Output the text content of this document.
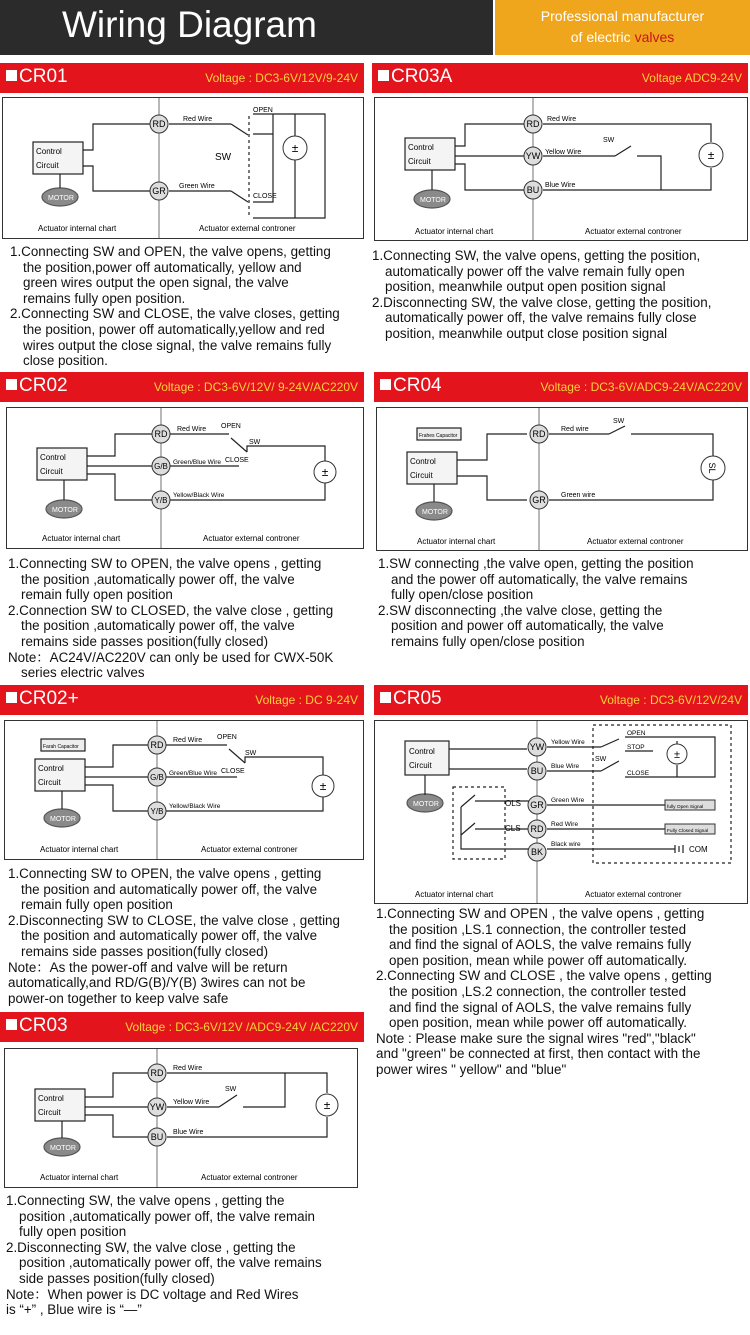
Wiring Diagram	Professional manufacturer
of electric valves
CR01	Voltage : DC3-6V/12V/9-24V
RD
GR
±
Control
Circuit
MOTOR
Red Wire
Green Wire
SW
OPEN
CLOSE
Actuator internal chart	Actuator external controner

1.Connecting SW and OPEN, the valve opens, getting

the position,power off automatically, yellow and

green wires output the open signal, the valve

remains fully open position.

2.Connecting SW and CLOSE, the valve closes, getting

the position, power off automatically,yellow and red

wires output the close signal, the valve remains fully

close position.

CR03A	Voltage ADC9-24V
RD
YW
BU
±
Control
Circuit
MOTOR
Red Wire
Yellow Wire
Blue Wire
SW
Actuator internal chart	Actuator external controner

1.Connecting SW, the valve opens, getting the position,

automatically power off the valve remain fully open

position, meanwhile output open position signal

2.Disconnecting SW, the valve close, getting the position,

automatically power off, the valve remains fully close

position, meanwhile output close position signal

CR02	Voltage : DC3-6V/12V/ 9-24V/AC220V
RD
G/B
Y/B
±
Control
Circuit
MOTOR
Red Wire
Green/Blue Wire
Yellow/Black Wire
OPEN
SW
CLOSE
Actuator internal chart	Actuator external controner

1.Connecting SW to OPEN, the valve opens , getting

the position ,automatically power off, the valve

remain fully open position

2.Connection SW to CLOSED, the valve close , getting

the position ,automatically power off, the valve

remains side passes position(fully closed)

Note：AC24V/AC220V can only be used for CWX-50K

series electric valves

CR04	Voltage : DC3-6V/ADC9-24V/AC220V
RD
GR
SL
Frahes Capacitor
Control
Circuit
MOTOR
Red wire
SW
Green wire
Actuator internal chart	Actuator external controner

1.SW connecting ,the valve open, getting the position

and the power off automatically, the valve remains

fully open/close position

2.SW disconnecting ,the valve close, getting the

position and power off automatically, the valve

remains fully open/close position

CR02+	Voltage : DC 9-24V
RD
G/B
Y/B
±
Farah Capacitor
Control
Circuit
MOTOR
Red Wire
Green/Blue Wire
Yellow/Black Wire
OPEN
SW
CLOSE
Actuator internal chart	Actuator external controner

1.Connecting SW to OPEN, the valve opens , getting

the position and automatically power off, the valve

remain fully open position

2.Disconnecting SW to CLOSE, the valve close , getting

the position and automatically power off, the valve

remains side passes position(fully closed)

Note：As the power-off and valve will be return

automatically,and RD/G(B)/Y(B) 3wires can not be

power-on together to keep valve safe

CR05	Voltage : DC3-6V/12V/24V
YW
BU
GR
RD
BK
±
Control
Circuit
MOTOR	OLS
CLS
Yellow Wire
Blue Wire
SW
OPEN
STOP
CLOSE
Green Wire
Red Wire
Black wire
fully Open Signal
Fully Closed Signal
COM
Actuator internal chart	Actuator external controner

1.Connecting SW and OPEN , the valve opens , getting

the position ,LS.1 connection, the controller tested

and find the signal of AOLS, the valve remains fully

open position, mean while power off automatically.

2.Connecting SW and CLOSE , the valve opens , getting

the position ,LS.2 connection, the controller tested

and find the signal of AOLS, the valve remains fully

open position, mean while power off automatically.

Note : Please make sure the signal wires "red","black"

and "green" be connected at first, then contact with the

power wires " yellow" and "blue"

CR03	Voltage : DC3-6V/12V /ADC9-24V /AC220V
RD
YW
BU
±
Control
Circuit
MOTOR
Red Wire
Yellow Wire
Blue Wire
SW
Actuator internal chart	Actuator external controner

1.Connecting SW, the valve opens , getting the

position ,automatically power off, the valve remain

fully open position

2.Disconnecting SW, the valve close , getting the

position ,automatically power off, the valve remains

side passes position(fully closed)

Note：When power is DC voltage and Red Wires

is “+” , Blue wire is “—”
